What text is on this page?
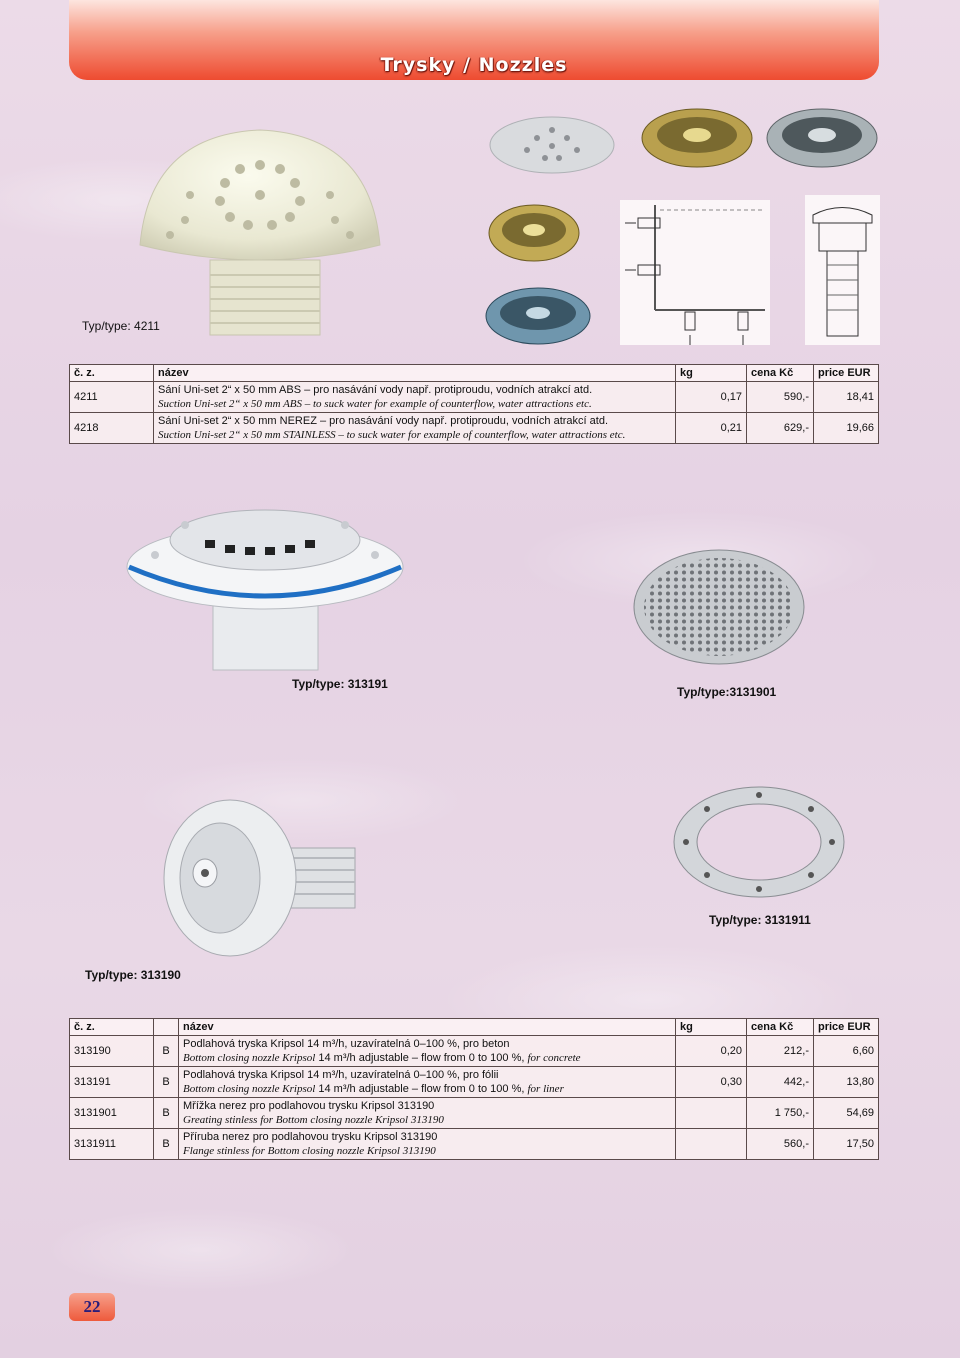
Trysky / Nozzles
Typ/type: 4211
č. z.	název	kg	cena Kč	price EUR
4211	Sání Uni-set 2“ x 50 mm ABS – pro nasávání vody např. protiproudu, vodních atrakcí atd.
Suction Uni-set 2“ x 50 mm ABS – to suck water for example of counterflow, water attractions etc.	0,17	590,-	18,41
4218	Sání Uni-set 2“ x 50 mm NEREZ – pro nasávání vody např. protiproudu, vodních atrakcí atd.
Suction Uni-set 2“ x 50 mm STAINLESS – to suck water for example of counterflow, water attractions etc.	0,21	629,-	19,66
Typ/type: 313191
Typ/type:3131901
Typ/type: 3131911
Typ/type: 313190
č. z.		název	kg	cena Kč	price EUR
313190	B	Podlahová tryska Kripsol 14 m³/h, uzavíratelná 0–100 %, pro beton
Bottom closing nozzle Kripsol 14 m³/h adjustable – flow from 0 to 100 %, for concrete	0,20	212,-	6,60
313191	B	Podlahová tryska Kripsol 14 m³/h, uzavíratelná 0–100 %, pro fólii
Bottom closing nozzle Kripsol 14 m³/h adjustable – flow from 0 to 100 %, for liner	0,30	442,-	13,80
3131901	B	Mřížka nerez pro podlahovou trysku Kripsol 313190
Greating stinless for Bottom closing nozzle Kripsol 313190		1 750,-	54,69
3131911	B	Příruba nerez pro podlahovou trysku Kripsol 313190
Flange stinless for Bottom closing nozzle Kripsol 313190		560,-	17,50
22
